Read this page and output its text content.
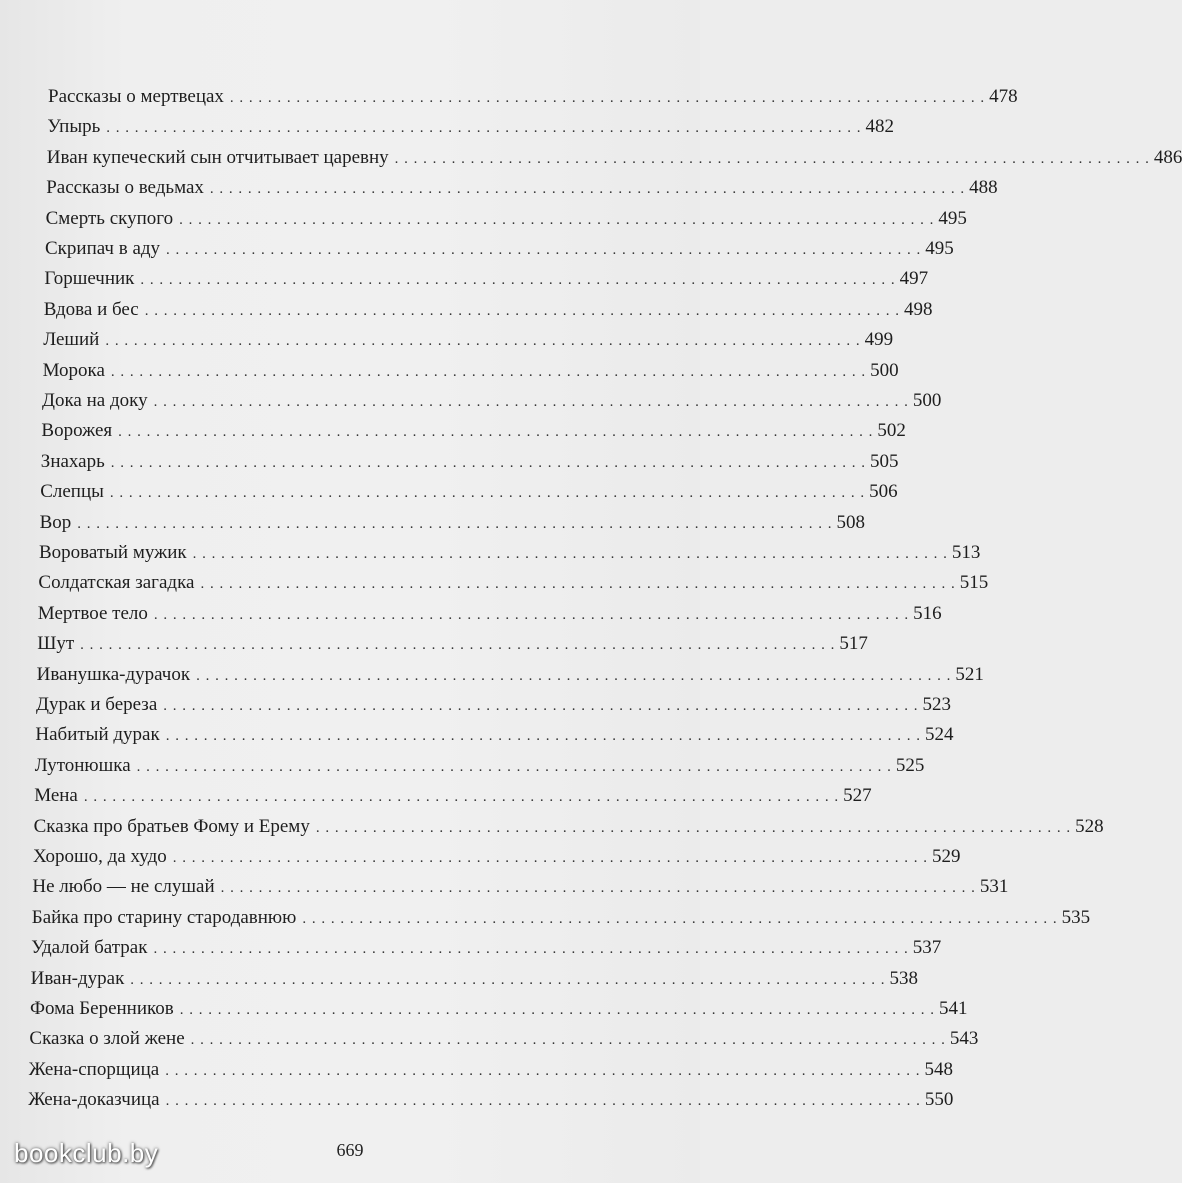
Рассказы о мертвецах . . . . . . . . . . . . . . . . . . . . . . . . . . . . . . . . . . . . . . . . . . . . . . . . . . . . . . . . . . . . . . . . . . . . . . . . . . . . . . . . 478
Упырь . . . . . . . . . . . . . . . . . . . . . . . . . . . . . . . . . . . . . . . . . . . . . . . . . . . . . . . . . . . . . . . . . . . . . . . . . . . . . . . . 482
Иван купеческий сын отчитывает царевну . . . . . . . . . . . . . . . . . . . . . . . . . . . . . . . . . . . . . . . . . . . . . . . . . . . . . . . . . . . . . . . . . . . . . . . . . . . . . . . . 486
Рассказы о ведьмах . . . . . . . . . . . . . . . . . . . . . . . . . . . . . . . . . . . . . . . . . . . . . . . . . . . . . . . . . . . . . . . . . . . . . . . . . . . . . . . . 488
Смерть скупого . . . . . . . . . . . . . . . . . . . . . . . . . . . . . . . . . . . . . . . . . . . . . . . . . . . . . . . . . . . . . . . . . . . . . . . . . . . . . . . . 495
Скрипач в аду . . . . . . . . . . . . . . . . . . . . . . . . . . . . . . . . . . . . . . . . . . . . . . . . . . . . . . . . . . . . . . . . . . . . . . . . . . . . . . . . 495
Горшечник . . . . . . . . . . . . . . . . . . . . . . . . . . . . . . . . . . . . . . . . . . . . . . . . . . . . . . . . . . . . . . . . . . . . . . . . . . . . . . . . 497
Вдова и бес . . . . . . . . . . . . . . . . . . . . . . . . . . . . . . . . . . . . . . . . . . . . . . . . . . . . . . . . . . . . . . . . . . . . . . . . . . . . . . . . 498
Леший . . . . . . . . . . . . . . . . . . . . . . . . . . . . . . . . . . . . . . . . . . . . . . . . . . . . . . . . . . . . . . . . . . . . . . . . . . . . . . . . 499
Морока . . . . . . . . . . . . . . . . . . . . . . . . . . . . . . . . . . . . . . . . . . . . . . . . . . . . . . . . . . . . . . . . . . . . . . . . . . . . . . . . 500
Дока на доку . . . . . . . . . . . . . . . . . . . . . . . . . . . . . . . . . . . . . . . . . . . . . . . . . . . . . . . . . . . . . . . . . . . . . . . . . . . . . . . . 500
Ворожея . . . . . . . . . . . . . . . . . . . . . . . . . . . . . . . . . . . . . . . . . . . . . . . . . . . . . . . . . . . . . . . . . . . . . . . . . . . . . . . . 502
Знахарь . . . . . . . . . . . . . . . . . . . . . . . . . . . . . . . . . . . . . . . . . . . . . . . . . . . . . . . . . . . . . . . . . . . . . . . . . . . . . . . . 505
Слепцы . . . . . . . . . . . . . . . . . . . . . . . . . . . . . . . . . . . . . . . . . . . . . . . . . . . . . . . . . . . . . . . . . . . . . . . . . . . . . . . . 506
Вор . . . . . . . . . . . . . . . . . . . . . . . . . . . . . . . . . . . . . . . . . . . . . . . . . . . . . . . . . . . . . . . . . . . . . . . . . . . . . . . . 508
Вороватый мужик . . . . . . . . . . . . . . . . . . . . . . . . . . . . . . . . . . . . . . . . . . . . . . . . . . . . . . . . . . . . . . . . . . . . . . . . . . . . . . . . 513
Солдатская загадка . . . . . . . . . . . . . . . . . . . . . . . . . . . . . . . . . . . . . . . . . . . . . . . . . . . . . . . . . . . . . . . . . . . . . . . . . . . . . . . . 515
Мертвое тело . . . . . . . . . . . . . . . . . . . . . . . . . . . . . . . . . . . . . . . . . . . . . . . . . . . . . . . . . . . . . . . . . . . . . . . . . . . . . . . . 516
Шут . . . . . . . . . . . . . . . . . . . . . . . . . . . . . . . . . . . . . . . . . . . . . . . . . . . . . . . . . . . . . . . . . . . . . . . . . . . . . . . . 517
Иванушка-дурачок . . . . . . . . . . . . . . . . . . . . . . . . . . . . . . . . . . . . . . . . . . . . . . . . . . . . . . . . . . . . . . . . . . . . . . . . . . . . . . . . 521
Дурак и береза . . . . . . . . . . . . . . . . . . . . . . . . . . . . . . . . . . . . . . . . . . . . . . . . . . . . . . . . . . . . . . . . . . . . . . . . . . . . . . . . 523
Набитый дурак . . . . . . . . . . . . . . . . . . . . . . . . . . . . . . . . . . . . . . . . . . . . . . . . . . . . . . . . . . . . . . . . . . . . . . . . . . . . . . . . 524
Лутонюшка . . . . . . . . . . . . . . . . . . . . . . . . . . . . . . . . . . . . . . . . . . . . . . . . . . . . . . . . . . . . . . . . . . . . . . . . . . . . . . . . 525
Мена . . . . . . . . . . . . . . . . . . . . . . . . . . . . . . . . . . . . . . . . . . . . . . . . . . . . . . . . . . . . . . . . . . . . . . . . . . . . . . . . 527
Сказка про братьев Фому и Ерему . . . . . . . . . . . . . . . . . . . . . . . . . . . . . . . . . . . . . . . . . . . . . . . . . . . . . . . . . . . . . . . . . . . . . . . . . . . . . . . . 528
Хорошо, да худо . . . . . . . . . . . . . . . . . . . . . . . . . . . . . . . . . . . . . . . . . . . . . . . . . . . . . . . . . . . . . . . . . . . . . . . . . . . . . . . . 529
Не любо — не слушай . . . . . . . . . . . . . . . . . . . . . . . . . . . . . . . . . . . . . . . . . . . . . . . . . . . . . . . . . . . . . . . . . . . . . . . . . . . . . . . . 531
Байка про старину стародавнюю . . . . . . . . . . . . . . . . . . . . . . . . . . . . . . . . . . . . . . . . . . . . . . . . . . . . . . . . . . . . . . . . . . . . . . . . . . . . . . . . 535
Удалой батрак . . . . . . . . . . . . . . . . . . . . . . . . . . . . . . . . . . . . . . . . . . . . . . . . . . . . . . . . . . . . . . . . . . . . . . . . . . . . . . . . 537
Иван-дурак . . . . . . . . . . . . . . . . . . . . . . . . . . . . . . . . . . . . . . . . . . . . . . . . . . . . . . . . . . . . . . . . . . . . . . . . . . . . . . . . 538
Фома Беренников . . . . . . . . . . . . . . . . . . . . . . . . . . . . . . . . . . . . . . . . . . . . . . . . . . . . . . . . . . . . . . . . . . . . . . . . . . . . . . . . 541
Сказка о злой жене . . . . . . . . . . . . . . . . . . . . . . . . . . . . . . . . . . . . . . . . . . . . . . . . . . . . . . . . . . . . . . . . . . . . . . . . . . . . . . . . 543
Жена-спорщица . . . . . . . . . . . . . . . . . . . . . . . . . . . . . . . . . . . . . . . . . . . . . . . . . . . . . . . . . . . . . . . . . . . . . . . . . . . . . . . . 548
Жена-доказчица . . . . . . . . . . . . . . . . . . . . . . . . . . . . . . . . . . . . . . . . . . . . . . . . . . . . . . . . . . . . . . . . . . . . . . . . . . . . . . . . 550
669
bookclub.by
